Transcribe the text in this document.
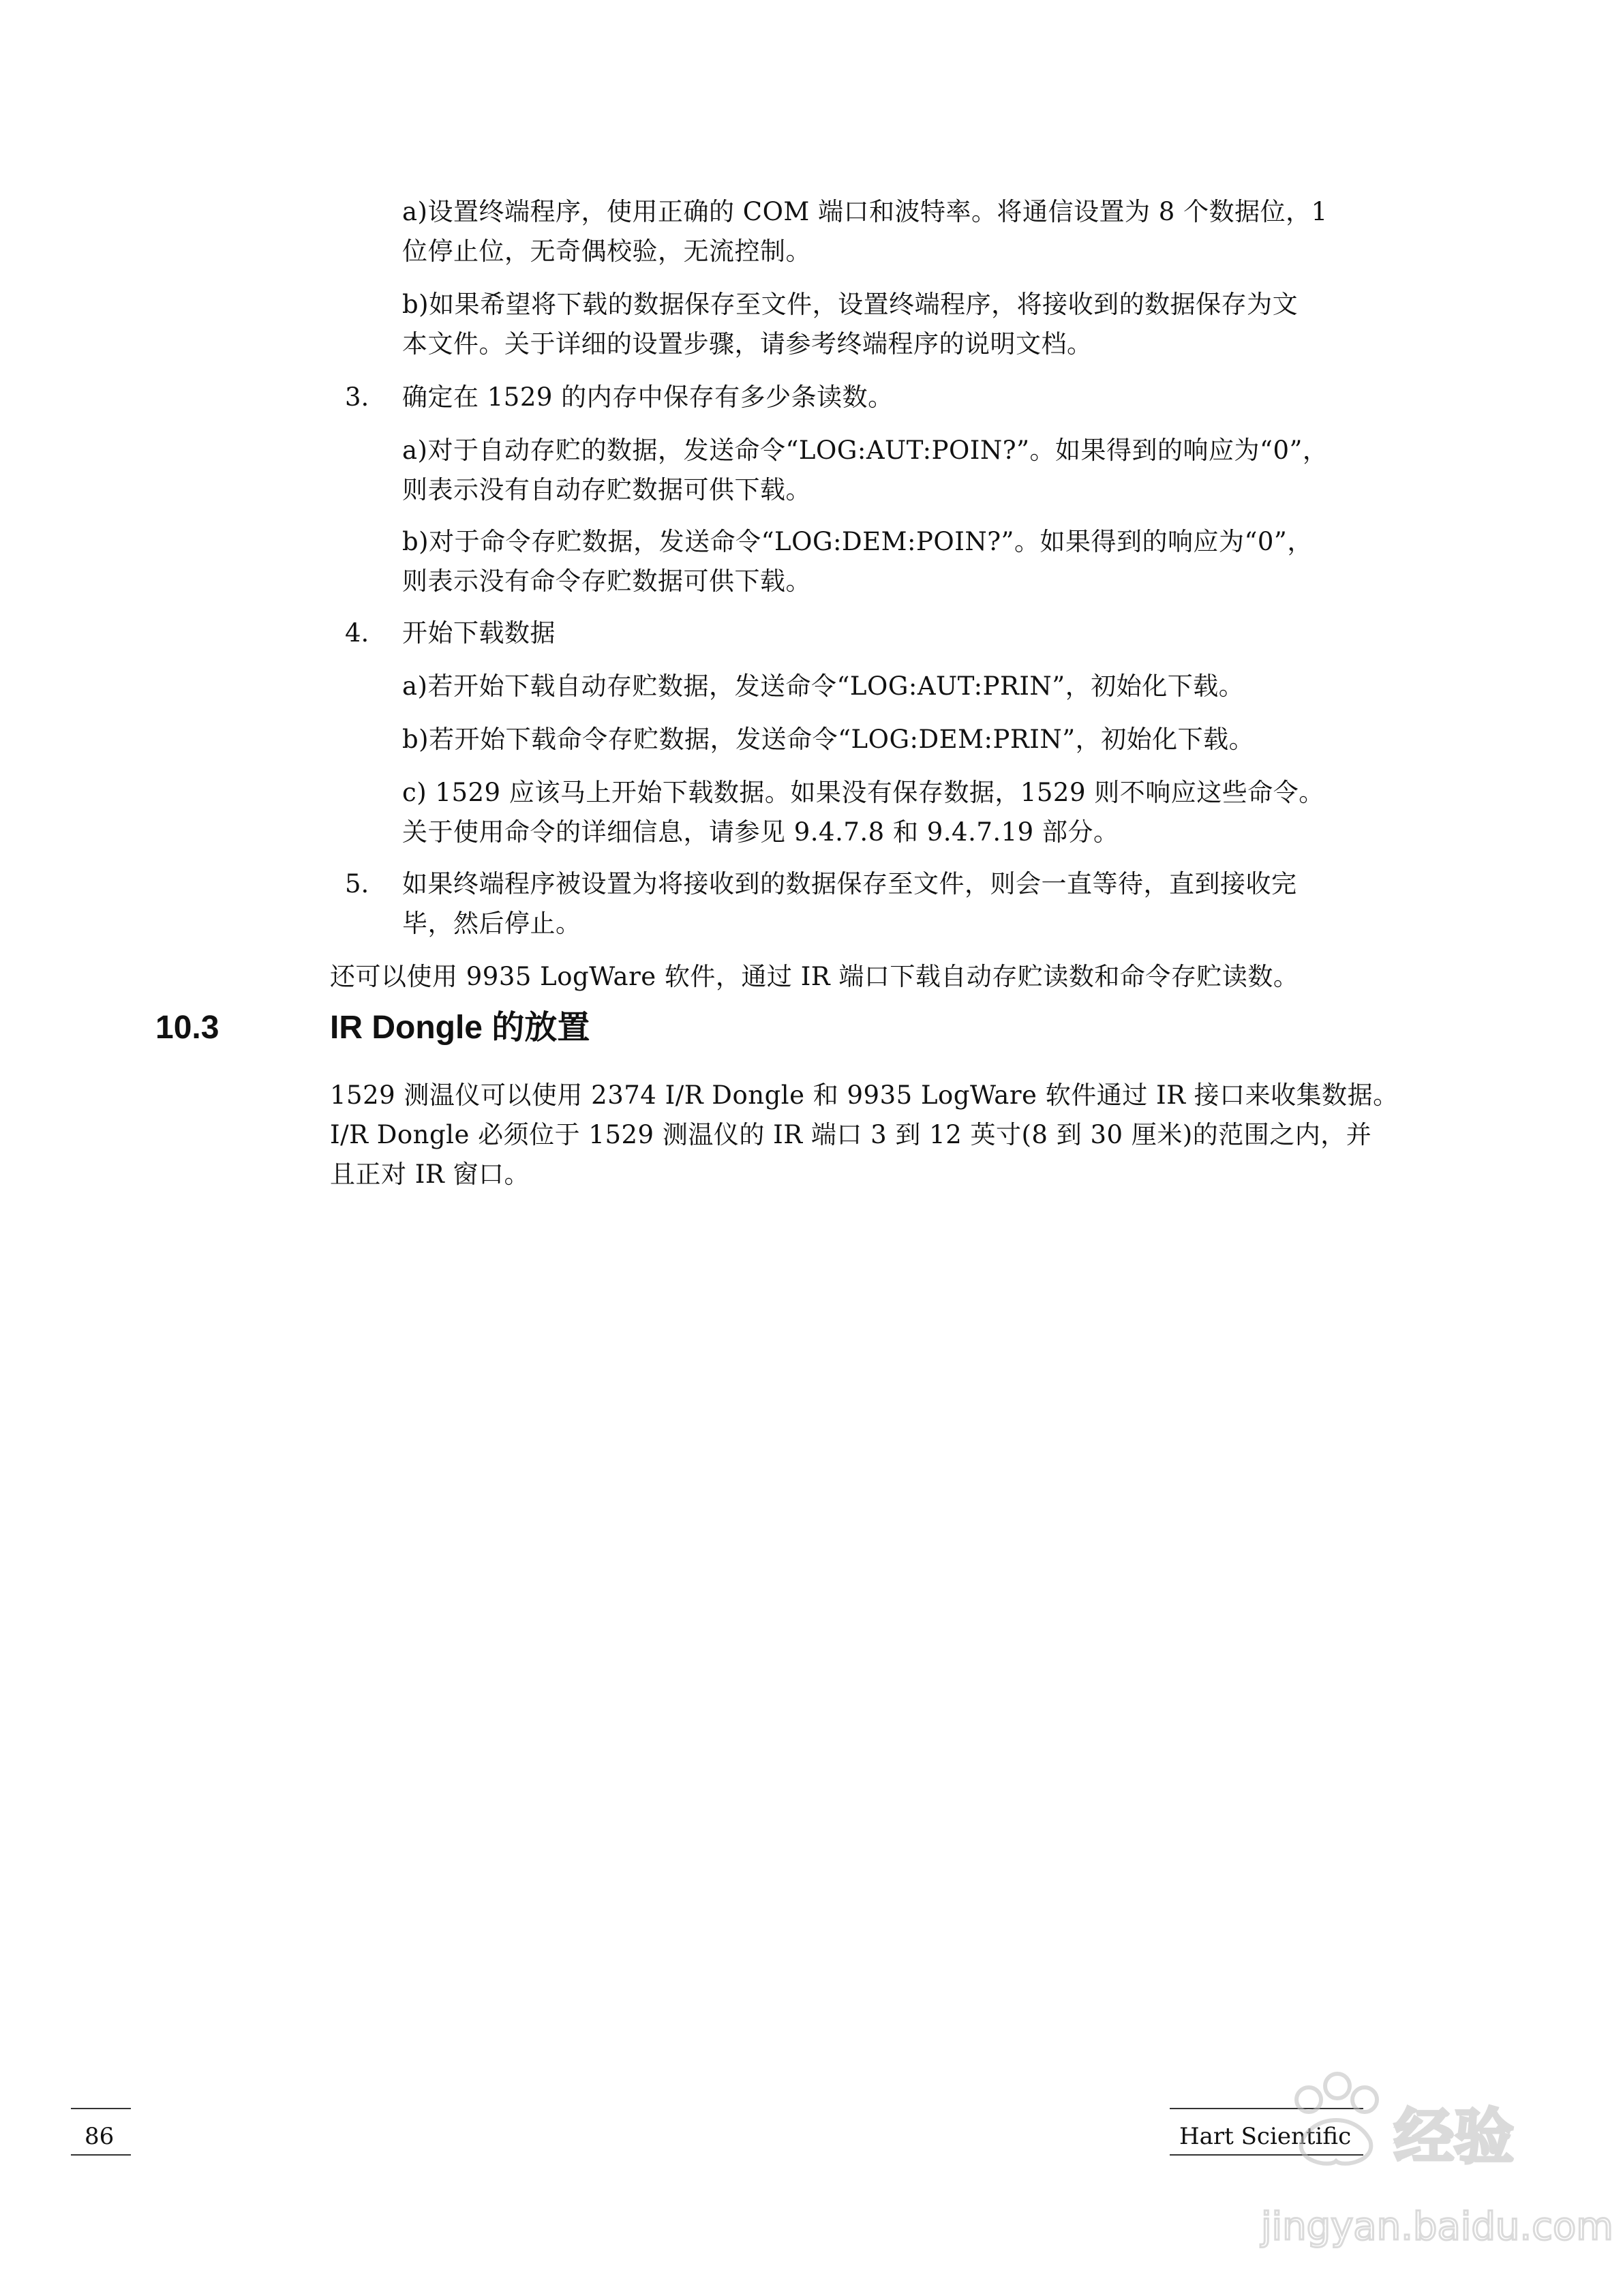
a)设置终端程序，使用正确的 COM 端口和波特率。将通信设置为 8 个数据位，1
位停止位，无奇偶校验，无流控制。
b)如果希望将下载的数据保存至文件，设置终端程序，将接收到的数据保存为文
本文件。关于详细的设置步骤，请参考终端程序的说明文档。
3. 确定在 1529 的内存中保存有多少条读数。
a)对于自动存贮的数据，发送命令“LOG:AUT:POIN?”。如果得到的响应为“0”，
则表示没有自动存贮数据可供下载。
b)对于命令存贮数据，发送命令“LOG:DEM:POIN?”。如果得到的响应为“0”，
则表示没有命令存贮数据可供下载。
4. 开始下载数据
a)若开始下载自动存贮数据，发送命令“LOG:AUT:PRIN”，初始化下载。
b)若开始下载命令存贮数据，发送命令“LOG:DEM:PRIN”，初始化下载。
c) 1529 应该马上开始下载数据。如果没有保存数据，1529 则不响应这些命令。
关于使用命令的详细信息，请参见 9.4.7.8 和 9.4.7.19 部分。
5. 如果终端程序被设置为将接收到的数据保存至文件，则会一直等待，直到接收完
毕，然后停止。
还可以使用 9935 LogWare 软件，通过 IR 端口下载自动存贮读数和命令存贮读数。
10.3	IR Dongle 的放置
1529 测温仪可以使用 2374 I/R Dongle 和 9935 LogWare 软件通过 IR 接口来收集数据。
I/R Dongle 必须位于 1529 测温仪的 IR 端口 3 到 12 英寸(8 到 30 厘米)的范围之内，并
且正对 IR 窗口。
86	Hart Scientific 经验
jingyan.baidu.com
